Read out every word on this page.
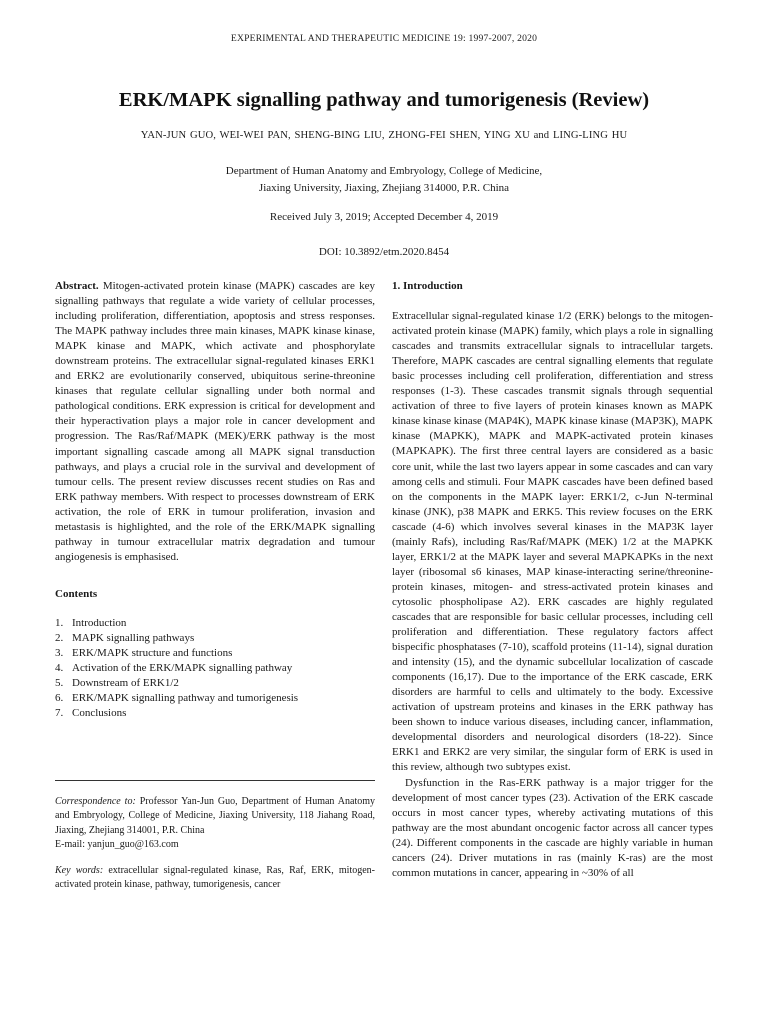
EXPERIMENTAL AND THERAPEUTIC MEDICINE 19: 1997-2007, 2020
ERK/MAPK signalling pathway and tumorigenesis (Review)
YAN-JUN GUO, WEI-WEI PAN, SHENG-BING LIU, ZHONG-FEI SHEN, YING XU and LING-LING HU
Department of Human Anatomy and Embryology, College of Medicine,
Jiaxing University, Jiaxing, Zhejiang 314000, P.R. China
Received July 3, 2019; Accepted December 4, 2019
DOI: 10.3892/etm.2020.8454

Abstract. Mitogen-activated protein kinase (MAPK) cascades are key signalling pathways that regulate a wide variety of cellular processes, including proliferation, differentiation, apoptosis and stress responses. The MAPK pathway includes three main kinases, MAPK kinase kinase, MAPK kinase and MAPK, which activate and phosphorylate downstream proteins. The extracellular signal-regulated kinases ERK1 and ERK2 are evolutionarily conserved, ubiquitous serine-threonine kinases that regulate cellular signalling under both normal and pathological conditions. ERK expression is critical for development and their hyperactivation plays a major role in cancer development and progression. The Ras/Raf/MAPK (MEK)/ERK pathway is the most important signalling cascade among all MAPK signal transduction pathways, and plays a crucial role in the survival and development of tumour cells. The present review discusses recent studies on Ras and ERK pathway members. With respect to processes downstream of ERK activation, the role of ERK in tumour proliferation, invasion and metastasis is highlighted, and the role of the ERK/MAPK signalling pathway in tumour extracellular matrix degradation and tumour angiogenesis is emphasised.

Contents

1. Introduction
2. MAPK signalling pathways
3. ERK/MAPK structure and functions
4. Activation of the ERK/MAPK signalling pathway
5. Downstream of ERK1/2
6. ERK/MAPK signalling pathway and tumorigenesis
7. Conclusions

Correspondence to: Professor Yan-Jun Guo, Department of Human Anatomy and Embryology, College of Medicine, Jiaxing University, 118 Jiahang Road, Jiaxing, Zhejiang 314001, P.R. China
E-mail: yanjun_guo@163.com

Key words: extracellular signal-regulated kinase, Ras, Raf, ERK, mitogen-activated protein kinase, pathway, tumorigenesis, cancer

1. Introduction

Extracellular signal-regulated kinase 1/2 (ERK) belongs to the mitogen-activated protein kinase (MAPK) family, which plays a role in signalling cascades and transmits extracellular signals to intracellular targets. Therefore, MAPK cascades are central signalling elements that regulate basic processes including cell proliferation, differentiation and stress responses (1-3). These cascades transmit signals through sequential activation of three to five layers of protein kinases known as MAPK kinase kinase kinase (MAP4K), MAPK kinase kinase (MAP3K), MAPK kinase (MAPKK), MAPK and MAPK-activated protein kinases (MAPKAPK). The first three central layers are considered as a basic core unit, while the last two layers appear in some cascades and can vary among cells and stimuli. Four MAPK cascades have been defined based on the components in the MAPK layer: ERK1/2, c-Jun N-terminal kinase (JNK), p38 MAPK and ERK5. This review focuses on the ERK cascade (4-6) which involves several kinases in the MAP3K layer (mainly Rafs), including Ras/Raf/MAPK (MEK) 1/2 at the MAPKK layer, ERK1/2 at the MAPK layer and several MAPKAPKs in the next layer (ribosomal s6 kinases, MAP kinase-interacting serine/threonine-protein kinases, mitogen- and stress-activated protein kinases and cytosolic phospholipase A2). ERK cascades are highly regulated cascades that are responsible for basic cellular processes, including cell proliferation and differentiation. These regulatory factors affect bispecific phosphatases (7-10), scaffold proteins (11-14), signal duration and intensity (15), and the dynamic subcellular localization of cascade components (16,17). Due to the importance of the ERK cascade, ERK disorders are harmful to cells and ultimately to the body. Excessive activation of upstream proteins and kinases in the ERK pathway has been shown to induce various diseases, including cancer, inflammation, developmental disorders and neurological disorders (18-22). Since ERK1 and ERK2 are very similar, the singular form of ERK is used in this review, although two subtypes exist.

Dysfunction in the Ras-ERK pathway is a major trigger for the development of most cancer types (23). Activation of the ERK cascade occurs in most cancer types, whereby activating mutations of this pathway are the most abundant oncogenic factor across all cancer types (24). Different components in the cascade are highly variable in human cancers (24). Driver mutations in ras (mainly K-ras) are the most common mutations in cancer, appearing in ~30% of all
